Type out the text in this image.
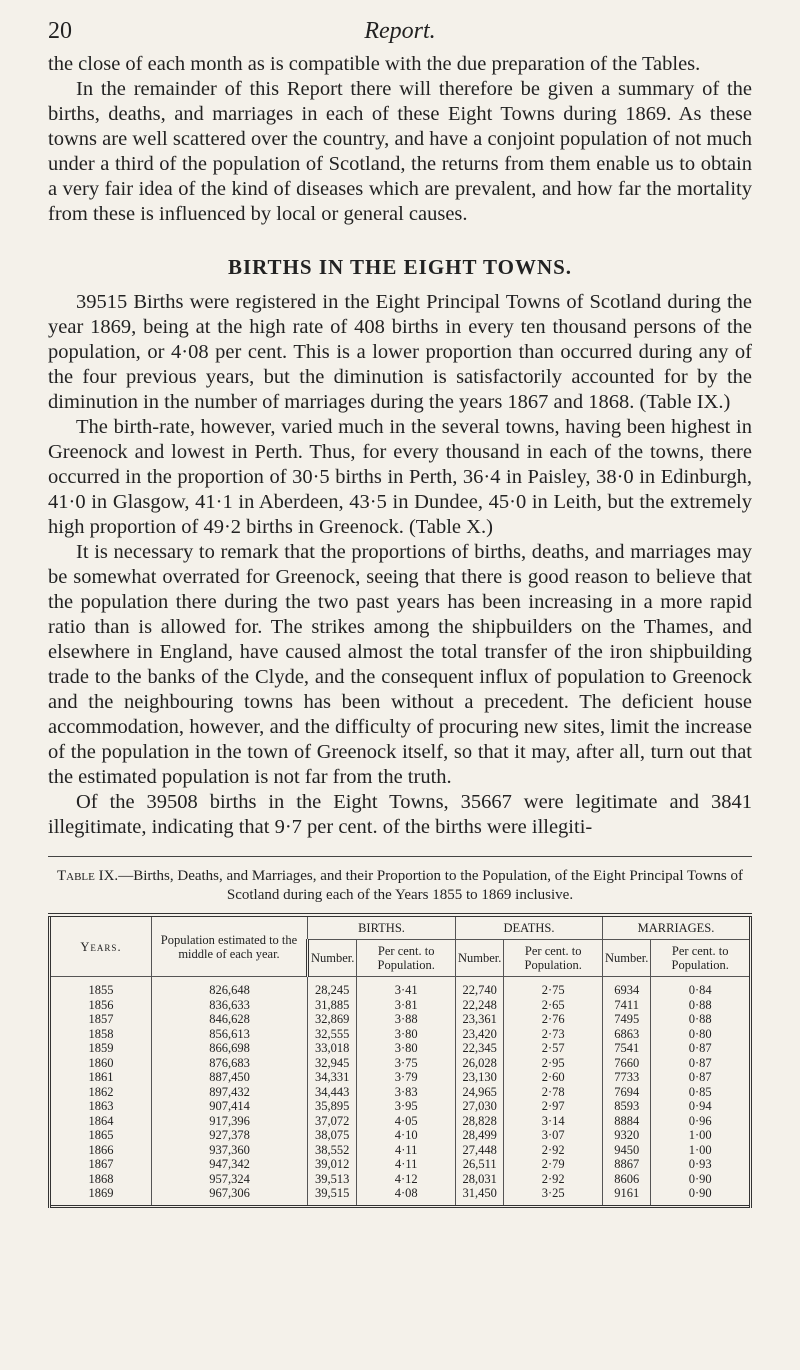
20	Report.

the close of each month as is compatible with the due preparation of the Tables.

In the remainder of this Report there will therefore be given a summary of the births, deaths, and marriages in each of these Eight Towns during 1869. As these towns are well scattered over the country, and have a conjoint population of not much under a third of the population of Scotland, the returns from them enable us to obtain a very fair idea of the kind of diseases which are prevalent, and how far the mortality from these is influenced by local or general causes.

BIRTHS IN THE EIGHT TOWNS.

39515 Births were registered in the Eight Principal Towns of Scotland during the year 1869, being at the high rate of 408 births in every ten thousand persons of the population, or 4·08 per cent. This is a lower proportion than occurred during any of the four previous years, but the diminution is satisfactorily accounted for by the diminution in the number of marriages during the years 1867 and 1868. (Table IX.)

The birth-rate, however, varied much in the several towns, having been highest in Greenock and lowest in Perth. Thus, for every thousand in each of the towns, there occurred in the proportion of 30·5 births in Perth, 36·4 in Paisley, 38·0 in Edinburgh, 41·0 in Glasgow, 41·1 in Aberdeen, 43·5 in Dundee, 45·0 in Leith, but the extremely high proportion of 49·2 births in Greenock. (Table X.)

It is necessary to remark that the proportions of births, deaths, and marriages may be somewhat overrated for Greenock, seeing that there is good reason to believe that the population there during the two past years has been increasing in a more rapid ratio than is allowed for. The strikes among the shipbuilders on the Thames, and elsewhere in England, have caused almost the total transfer of the iron shipbuilding trade to the banks of the Clyde, and the consequent influx of population to Greenock and the neighbouring towns has been without a precedent. The deficient house accommodation, however, and the difficulty of procuring new sites, limit the increase of the population in the town of Greenock itself, so that it may, after all, turn out that the estimated population is not far from the truth.

Of the 39508 births in the Eight Towns, 35667 were legitimate and 3841 illegitimate, indicating that 9·7 per cent. of the births were illegiti-

Table IX.—Births, Deaths, and Marriages, and their Proportion to the Population, of the Eight Principal Towns of Scotland during each of the Years 1855 to 1869 inclusive.

Years.	Population estimated to the middle of each year.	BIRTHS.		DEATHS.		MARRIAGES.	
		Number.	Per cent. to Population.	Number.	Per cent. to Population.	Number.	Per cent. to Population.
1855	826,648	28,245	3·41	22,740	2·75	6934	0·84
1856	836,633	31,885	3·81	22,248	2·65	7411	0·88
1857	846,628	32,869	3·88	23,361	2·76	7495	0·88
1858	856,613	32,555	3·80	23,420	2·73	6863	0·80
1859	866,698	33,018	3·80	22,345	2·57	7541	0·87
1860	876,683	32,945	3·75	26,028	2·95	7660	0·87
1861	887,450	34,331	3·79	23,130	2·60	7733	0·87
1862	897,432	34,443	3·83	24,965	2·78	7694	0·85
1863	907,414	35,895	3·95	27,030	2·97	8593	0·94
1864	917,396	37,072	4·05	28,828	3·14	8884	0·96
1865	927,378	38,075	4·10	28,499	3·07	9320	1·00
1866	937,360	38,552	4·11	27,448	2·92	9450	1·00
1867	947,342	39,012	4·11	26,511	2·79	8867	0·93
1868	957,324	39,513	4·12	28,031	2·92	8606	0·90
1869	967,306	39,515	4·08	31,450	3·25	9161	0·90
